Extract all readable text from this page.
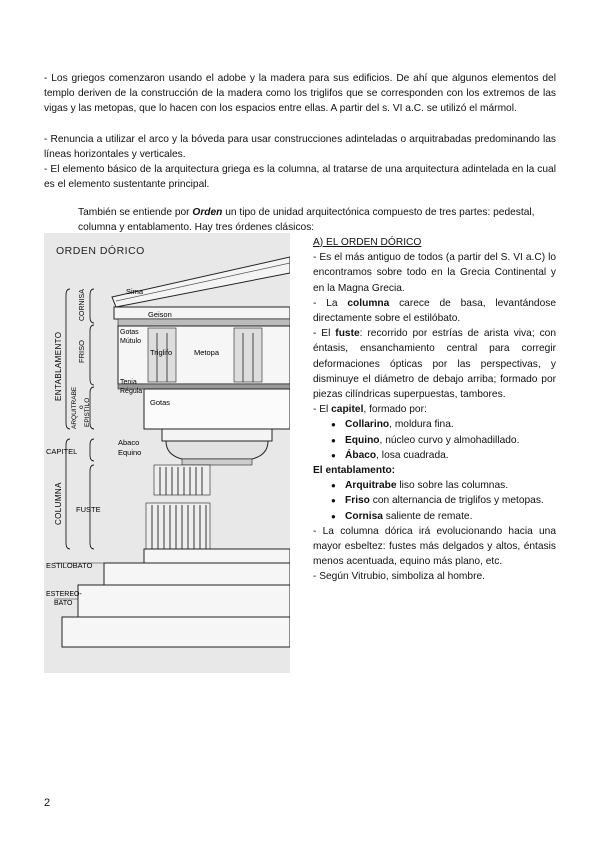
- Los griegos comenzaron usando el adobe y la madera para sus edificios. De ahí que algunos elementos del templo deriven de la construcción de la madera como los triglifos que se corresponden con los extremos de las vigas y las metopas, que lo hacen con los espacios entre ellas. A partir del s. VI a.C. se utilizó el mármol.

- Renuncia a utilizar el arco y la bóveda para usar construcciones adinteladas o arquitrabadas predominando las líneas horizontales y verticales.

- El elemento básico de la arquitectura griega es la columna, al tratarse de una arquitectura adintelada en la cual es el elemento sustentante principal.

También se entiende por Orden un tipo de unidad arquitectónica compuesto de tres partes: pedestal, columna y entablamento. Hay tres órdenes clásicos:

A) EL ORDEN DÓRICO

- Es el más antiguo de todos (a partir del S. VI a.C) lo encontramos sobre todo en la Grecia Continental y en la Magna Grecia.

- La columna carece de basa, levantándose directamente sobre el estilóbato.

- El fuste: recorrido por estrías de arista viva; con éntasis, ensanchamiento central para corregir deformaciones ópticas por las perspectivas, y disminuye el diámetro de debajo arriba; formado por piezas cilíndricas superpuestas, tambores.

- El capitel, formado por:

● Collarino, moldura fina.

● Equino, núcleo curvo y almohadillado.

● Ábaco, losa cuadrada.

El entablamento:

● Arquitrabe liso sobre las columnas.

● Friso con alternancia de triglifos y metopas.

● Cornisa saliente de remate.

- La columna dórica irá evolucionando hacia una mayor esbeltez: fustes más delgados y altos, éntasis menos acentuada, equino más plano, etc.

- Según Vitrubio, simboliza al hombre.

ORDEN DÓRICO
Sima
Geison
Triglifo	Metopa
Gotas
Mútulo
Tenia
Régula
Gotas
Abaco
Equino
ENTABLAMENTO
CORNISA
FRISO
ARQUITRABE o EPISTILO
COLUMNA
CAPITEL
FUSTE
ESTILOBATO
ESTEREO-
BATO
2
